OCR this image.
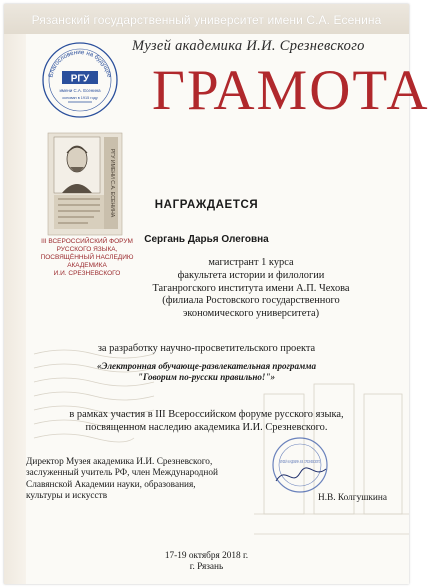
Рязанский государственный университет имени С.А. Есенина
Благословение на будущее
РГУ
имени С.А. Есенина
основан в 1915 году
Музей академика И.И. Срезневского
ГРАМОТА
РГУ ИМЕНИ С.А. ЕСЕНИНА
III ВСЕРОССИЙСКИЙ ФОРУМ
РУССКОГО ЯЗЫКА,
ПОСВЯЩЁННЫЙ НАСЛЕДИЮ
АКАДЕМИКА
И.И. СРЕЗНЕВСКОГО
НАГРАЖДАЕТСЯ
Сергань Дарья Олеговна
магистрант 1 курса
факультета истории и филологии
Таганрогского института имени А.П. Чехова
(филиала Ростовского государственного
экономического университета)
за разработку научно-просветительского проекта
«Электронная обучающе-развлекательная программа
"Говорим по-русски правильно!"»
в рамках участия в III Всероссийском форуме русского языка,
посвященном наследию академика И.И. Срезневского.
Директор Музея академика И.И. Срезневского,
заслуженный учитель РФ, член Международной
Славянской Академии науки, образования,
культуры и искусств
МУЗЕЙ АКАДЕМИКА И.И. СРЕЗНЕВСКОГО
Н.В. Колгушкина
17-19 октября 2018 г.
г. Рязань
